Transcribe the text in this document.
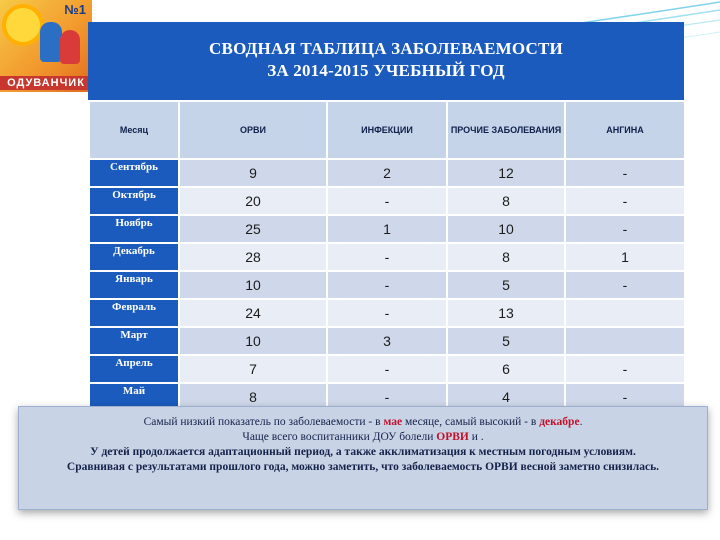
№1
ОДУВАНЧИК
СВОДНАЯ ТАБЛИЦА ЗАБОЛЕВАЕМОСТИ
ЗА 2014-2015 УЧЕБНЫЙ ГОД
Месяц	ОРВИ	ИНФЕКЦИИ	ПРОЧИЕ ЗАБОЛЕВАНИЯ	АНГИНА
Сентябрь	9	2	12	-
Октябрь	20	-	8	-
Ноябрь	25	1	10	-
Декабрь	28	-	8	1
Январь	10	-	5	-
Февраль	24	-	13	
Март	10	3	5	
Апрель	7	-	6	-
Май	8	-	4	-
Самый низкий показатель по заболеваемости - в мае месяце, самый высокий - в декабре.
Чаще всего воспитанники ДОУ болели ОРВИ и .
У детей продолжается адаптационный период, а также акклиматизация к местным погодным условиям.
Сравнивая с результатами прошлого года, можно заметить, что заболеваемость ОРВИ весной заметно снизилась.
